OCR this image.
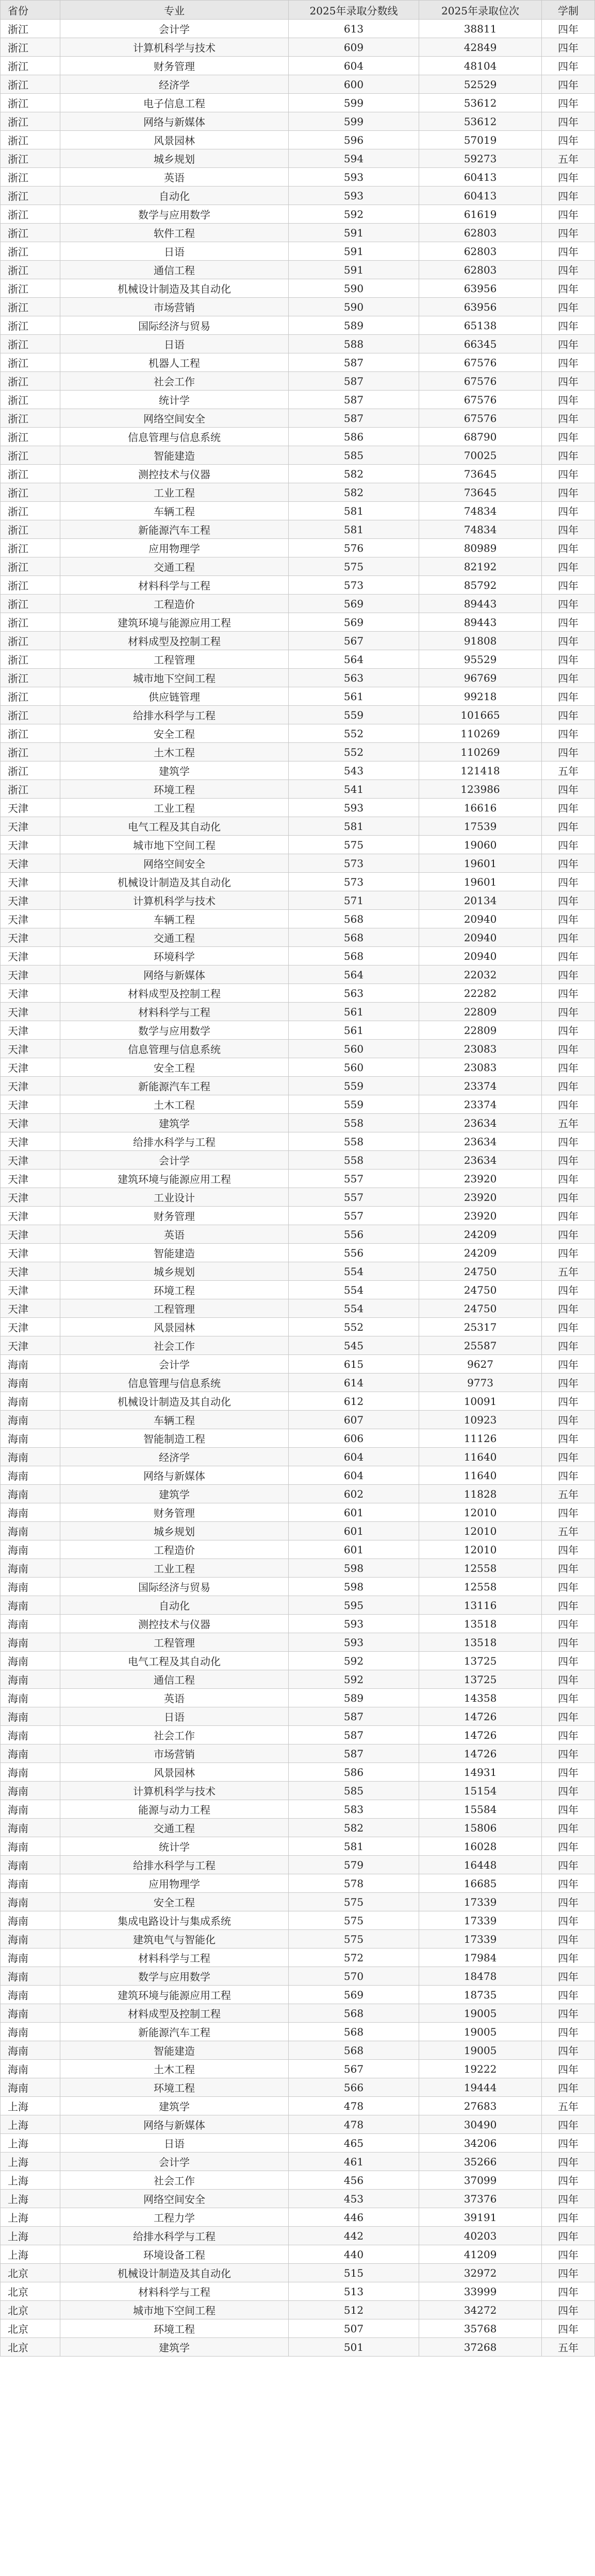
省份	专业	2025年录取分数线	2025年录取位次	学制
浙江	会计学	613	38811	四年
浙江	计算机科学与技术	609	42849	四年
浙江	财务管理	604	48104	四年
浙江	经济学	600	52529	四年
浙江	电子信息工程	599	53612	四年
浙江	网络与新媒体	599	53612	四年
浙江	风景园林	596	57019	四年
浙江	城乡规划	594	59273	五年
浙江	英语	593	60413	四年
浙江	自动化	593	60413	四年
浙江	数学与应用数学	592	61619	四年
浙江	软件工程	591	62803	四年
浙江	日语	591	62803	四年
浙江	通信工程	591	62803	四年
浙江	机械设计制造及其自动化	590	63956	四年
浙江	市场营销	590	63956	四年
浙江	国际经济与贸易	589	65138	四年
浙江	日语	588	66345	四年
浙江	机器人工程	587	67576	四年
浙江	社会工作	587	67576	四年
浙江	统计学	587	67576	四年
浙江	网络空间安全	587	67576	四年
浙江	信息管理与信息系统	586	68790	四年
浙江	智能建造	585	70025	四年
浙江	测控技术与仪器	582	73645	四年
浙江	工业工程	582	73645	四年
浙江	车辆工程	581	74834	四年
浙江	新能源汽车工程	581	74834	四年
浙江	应用物理学	576	80989	四年
浙江	交通工程	575	82192	四年
浙江	材料科学与工程	573	85792	四年
浙江	工程造价	569	89443	四年
浙江	建筑环境与能源应用工程	569	89443	四年
浙江	材料成型及控制工程	567	91808	四年
浙江	工程管理	564	95529	四年
浙江	城市地下空间工程	563	96769	四年
浙江	供应链管理	561	99218	四年
浙江	给排水科学与工程	559	101665	四年
浙江	安全工程	552	110269	四年
浙江	土木工程	552	110269	四年
浙江	建筑学	543	121418	五年
浙江	环境工程	541	123986	四年
天津	工业工程	593	16616	四年
天津	电气工程及其自动化	581	17539	四年
天津	城市地下空间工程	575	19060	四年
天津	网络空间安全	573	19601	四年
天津	机械设计制造及其自动化	573	19601	四年
天津	计算机科学与技术	571	20134	四年
天津	车辆工程	568	20940	四年
天津	交通工程	568	20940	四年
天津	环境科学	568	20940	四年
天津	网络与新媒体	564	22032	四年
天津	材料成型及控制工程	563	22282	四年
天津	材料科学与工程	561	22809	四年
天津	数学与应用数学	561	22809	四年
天津	信息管理与信息系统	560	23083	四年
天津	安全工程	560	23083	四年
天津	新能源汽车工程	559	23374	四年
天津	土木工程	559	23374	四年
天津	建筑学	558	23634	五年
天津	给排水科学与工程	558	23634	四年
天津	会计学	558	23634	四年
天津	建筑环境与能源应用工程	557	23920	四年
天津	工业设计	557	23920	四年
天津	财务管理	557	23920	四年
天津	英语	556	24209	四年
天津	智能建造	556	24209	四年
天津	城乡规划	554	24750	五年
天津	环境工程	554	24750	四年
天津	工程管理	554	24750	四年
天津	风景园林	552	25317	四年
天津	社会工作	545	25587	四年
海南	会计学	615	9627	四年
海南	信息管理与信息系统	614	9773	四年
海南	机械设计制造及其自动化	612	10091	四年
海南	车辆工程	607	10923	四年
海南	智能制造工程	606	11126	四年
海南	经济学	604	11640	四年
海南	网络与新媒体	604	11640	四年
海南	建筑学	602	11828	五年
海南	财务管理	601	12010	四年
海南	城乡规划	601	12010	五年
海南	工程造价	601	12010	四年
海南	工业工程	598	12558	四年
海南	国际经济与贸易	598	12558	四年
海南	自动化	595	13116	四年
海南	测控技术与仪器	593	13518	四年
海南	工程管理	593	13518	四年
海南	电气工程及其自动化	592	13725	四年
海南	通信工程	592	13725	四年
海南	英语	589	14358	四年
海南	日语	587	14726	四年
海南	社会工作	587	14726	四年
海南	市场营销	587	14726	四年
海南	风景园林	586	14931	四年
海南	计算机科学与技术	585	15154	四年
海南	能源与动力工程	583	15584	四年
海南	交通工程	582	15806	四年
海南	统计学	581	16028	四年
海南	给排水科学与工程	579	16448	四年
海南	应用物理学	578	16685	四年
海南	安全工程	575	17339	四年
海南	集成电路设计与集成系统	575	17339	四年
海南	建筑电气与智能化	575	17339	四年
海南	材料科学与工程	572	17984	四年
海南	数学与应用数学	570	18478	四年
海南	建筑环境与能源应用工程	569	18735	四年
海南	材料成型及控制工程	568	19005	四年
海南	新能源汽车工程	568	19005	四年
海南	智能建造	568	19005	四年
海南	土木工程	567	19222	四年
海南	环境工程	566	19444	四年
上海	建筑学	478	27683	五年
上海	网络与新媒体	478	30490	四年
上海	日语	465	34206	四年
上海	会计学	461	35266	四年
上海	社会工作	456	37099	四年
上海	网络空间安全	453	37376	四年
上海	工程力学	446	39191	四年
上海	给排水科学与工程	442	40203	四年
上海	环境设备工程	440	41209	四年
北京	机械设计制造及其自动化	515	32972	四年
北京	材料科学与工程	513	33999	四年
北京	城市地下空间工程	512	34272	四年
北京	环境工程	507	35768	四年
北京	建筑学	501	37268	五年
